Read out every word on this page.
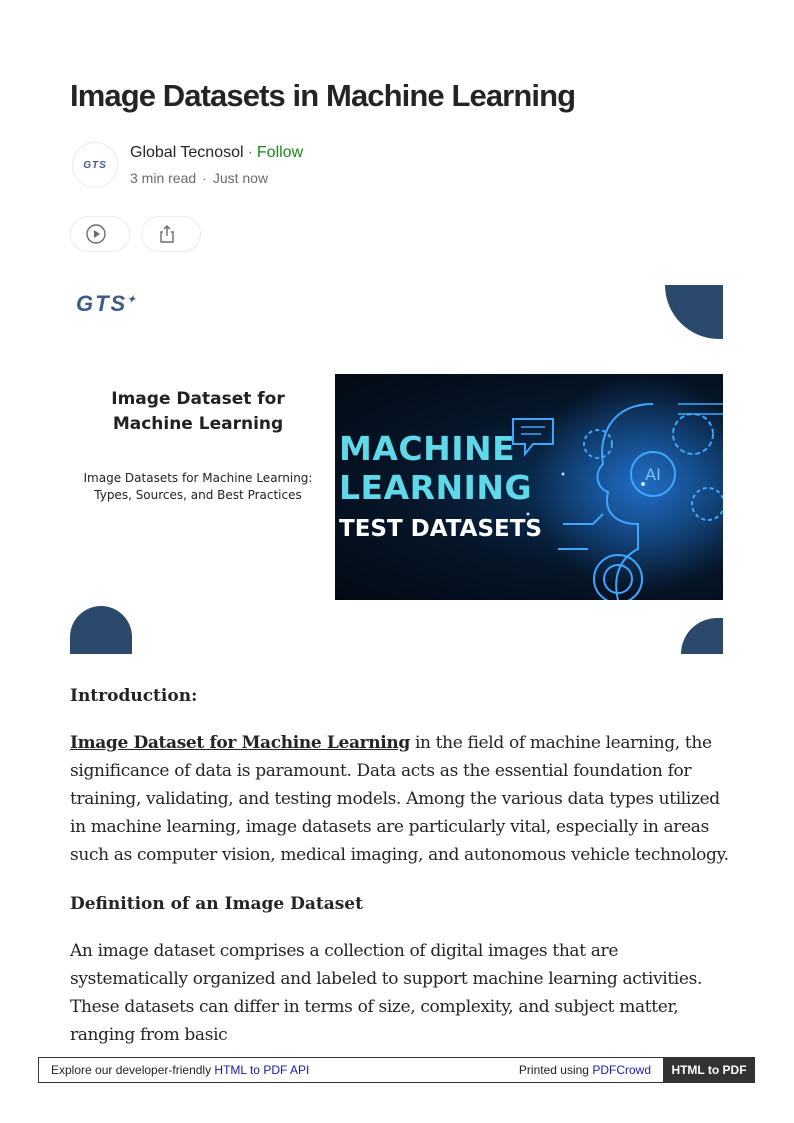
Image Datasets in Machine Learning
GTS
Global Tecnosol · Follow
3 min read · Just now
GTS✦
Image Dataset for Machine Learning
Image Datasets for Machine Learning: Types, Sources, and Best Practices
AI
MACHINE
LEARNING
TEST DATASETS

Introduction:

Image Dataset for Machine Learning in the field of machine learning, the significance of data is paramount. Data acts as the essential foundation for training, validating, and testing models. Among the various data types utilized in machine learning, image datasets are particularly vital, especially in areas such as computer vision, medical imaging, and autonomous vehicle technology.

Definition of an Image Dataset

An image dataset comprises a collection of digital images that are systematically organized and labeled to support machine learning activities. These datasets can differ in terms of size, complexity, and subject matter, ranging from basic

Explore our developer-friendly HTML to PDF API	Printed using PDFCrowd	HTML to PDF
